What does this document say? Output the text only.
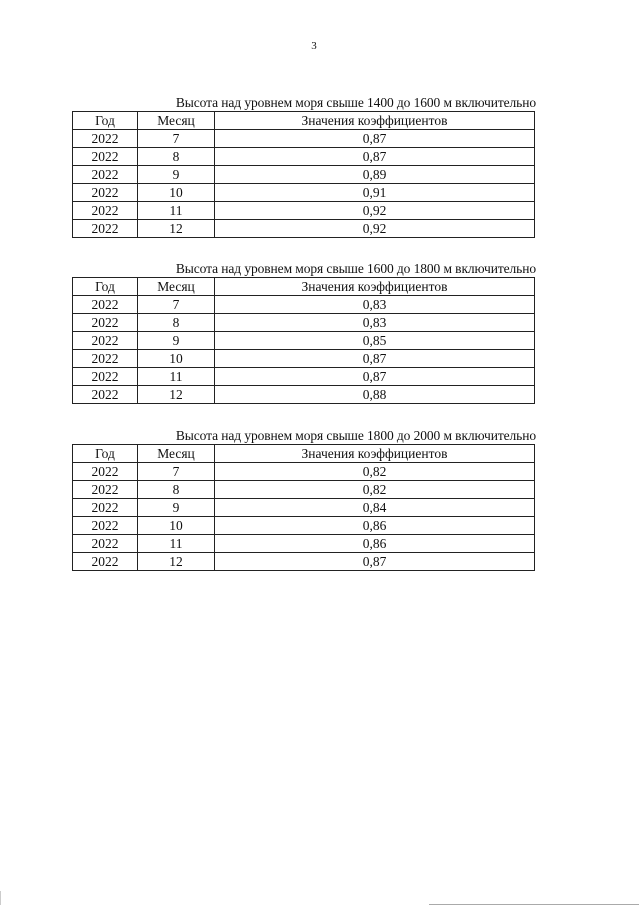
3
Высота над уровнем моря свыше 1400 до 1600 м включительно
Год	Месяц	Значения коэффициентов
2022	7	0,87
2022	8	0,87
2022	9	0,89
2022	10	0,91
2022	11	0,92
2022	12	0,92
Высота над уровнем моря свыше 1600 до 1800 м включительно
Год	Месяц	Значения коэффициентов
2022	7	0,83
2022	8	0,83
2022	9	0,85
2022	10	0,87
2022	11	0,87
2022	12	0,88
Высота над уровнем моря свыше 1800 до 2000 м включительно
Год	Месяц	Значения коэффициентов
2022	7	0,82
2022	8	0,82
2022	9	0,84
2022	10	0,86
2022	11	0,86
2022	12	0,87
